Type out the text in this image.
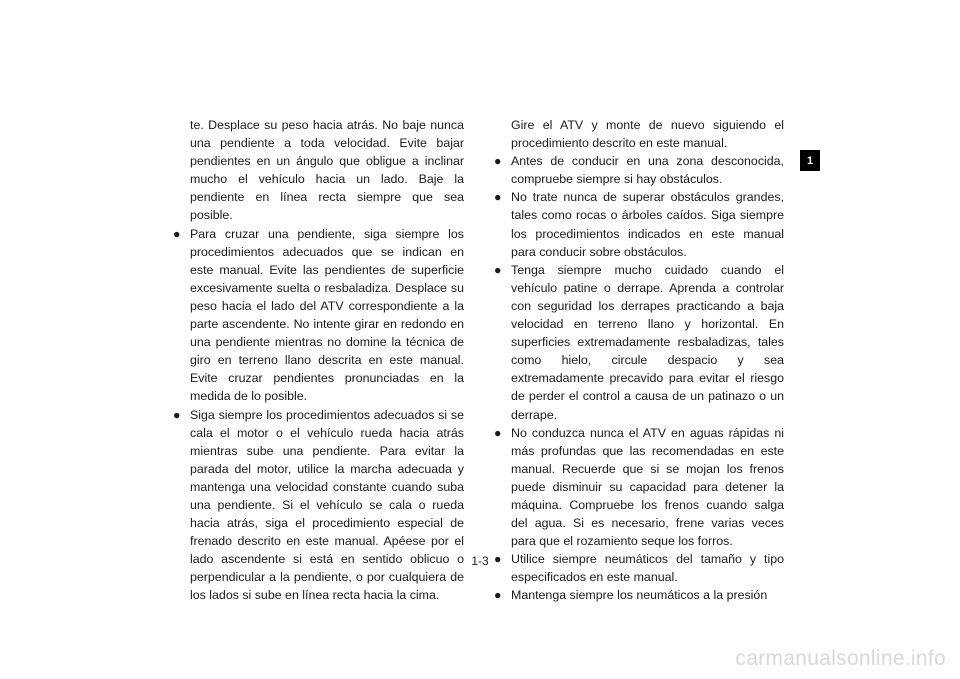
te. Desplace su peso hacia atrás. No baje nunca una pendiente a toda velocidad. Evite bajar pendientes en un ángulo que obligue a inclinar mucho el vehículo hacia un lado. Baje la pendiente en línea recta siempre que sea posible.

● Para cruzar una pendiente, siga siempre los procedimientos adecuados que se indican en este manual. Evite las pendientes de superficie excesivamente suelta o resbaladiza. Desplace su peso hacia el lado del ATV correspondiente a la parte ascendente. No intente girar en redondo en una pendiente mientras no domine la técnica de giro en terreno llano descrita en este manual. Evite cruzar pendientes pronunciadas en la medida de lo posible.

● Siga siempre los procedimientos adecuados si se cala el motor o el vehículo rueda hacia atrás mientras sube una pendiente. Para evitar la parada del motor, utilice la marcha adecuada y mantenga una velocidad constante cuando suba una pendiente. Si el vehículo se cala o rueda hacia atrás, siga el procedimiento especial de frenado descrito en este manual. Apéese por el lado ascendente si está en sentido oblicuo o perpendicular a la pendiente, o por cualquiera de los lados si sube en línea recta hacia la cima.

Gire el ATV y monte de nuevo siguiendo el procedimiento descrito en este manual.

● Antes de conducir en una zona desconocida, compruebe siempre si hay obstáculos.

● No trate nunca de superar obstáculos grandes, tales como rocas o árboles caídos. Siga siempre los procedimientos indicados en este manual para conducir sobre obstáculos.

● Tenga siempre mucho cuidado cuando el vehículo patine o derrape. Aprenda a controlar con seguridad los derrapes practicando a baja velocidad en terreno llano y horizontal. En superficies extremadamente resbaladizas, tales como hielo, circule despacio y sea extremadamente precavido para evitar el riesgo de perder el control a causa de un patinazo o un derrape.

● No conduzca nunca el ATV en aguas rápidas ni más profundas que las recomendadas en este manual. Recuerde que si se mojan los frenos puede disminuir su capacidad para detener la máquina. Compruebe los frenos cuando salga del agua. Si es necesario, frene varias veces para que el rozamiento seque los forros.

● Utilice siempre neumáticos del tamaño y tipo especificados en este manual.

● Mantenga siempre los neumáticos a la presión

1
1-3
carmanualsonline.info
